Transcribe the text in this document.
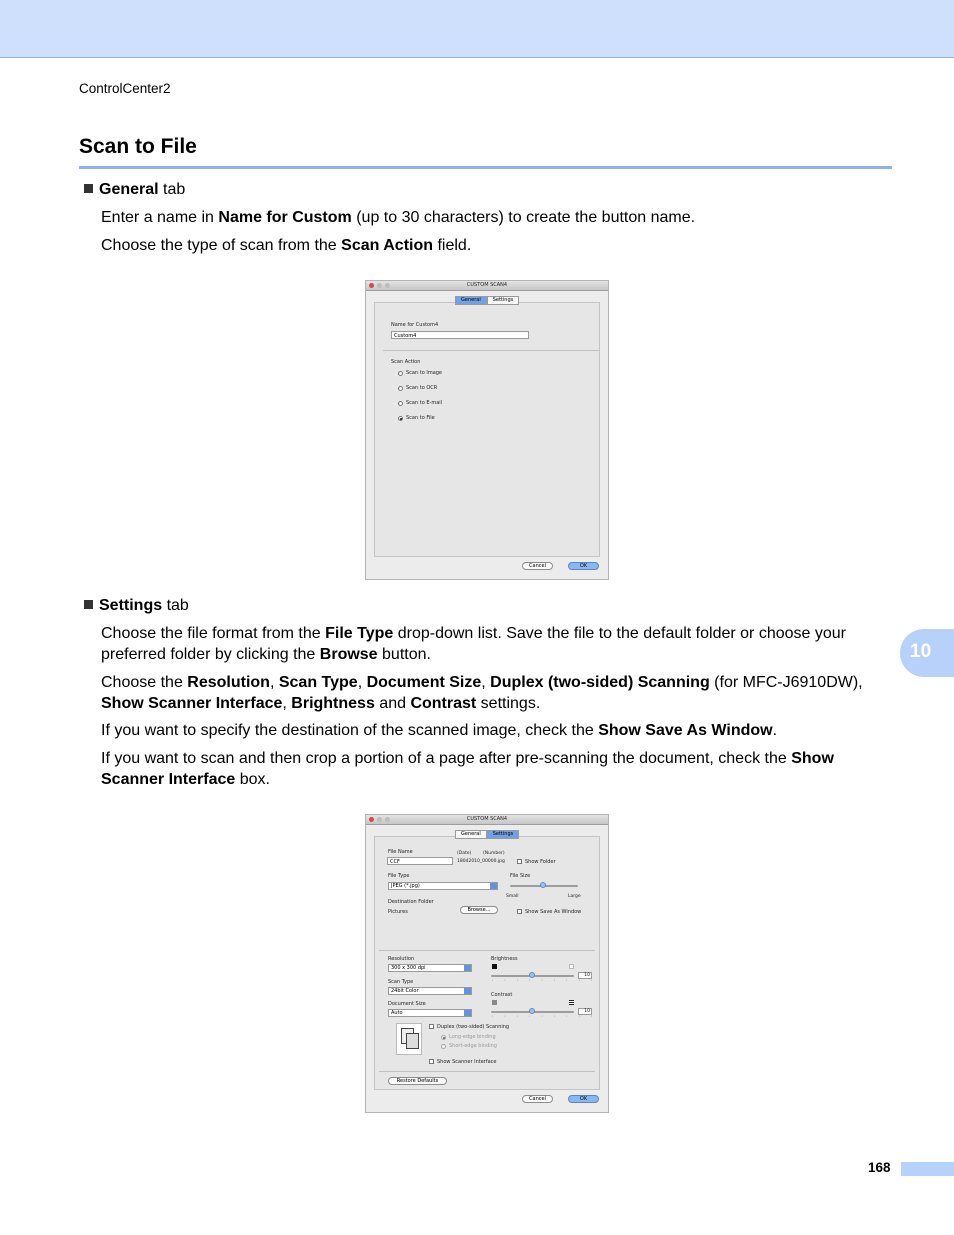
ControlCenter2
Scan to File
General tab
Enter a name in Name for Custom (up to 30 characters) to create the button name.
Choose the type of scan from the Scan Action field.
CUSTOM SCAN4
Name for Custom4
Custom4
Scan Action
Scan to Image
Scan to OCR
Scan to E-mail
Scan to File
General	Settings
Cancel	OK
Settings tab
Choose the file format from the File Type drop-down list. Save the file to the default folder or choose your preferred folder by clicking the Browse button.
Choose the Resolution, Scan Type, Document Size, Duplex (two-sided) Scanning (for MFC-J6910DW), Show Scanner Interface, Brightness and Contrast settings.
If you want to specify the destination of the scanned image, check the Show Save As Window.
If you want to scan and then crop a portion of a page after pre-scanning the document, check the Show Scanner Interface box.
CUSTOM SCAN4
File Name	(Date)	(Number)
CCF	18042010_00000.jpg	Show Folder
File Type
JPEG (*.jpg)
File Size
Small	Large
Destination Folder
Pictures	Browse...	Show Save As Window
Resolution
300 x 300 dpi
Scan Type
24bit Color
Document Size
Auto
Brightness
10
' ' ' ' ' ' ' ' '
Contrast
10
' ' ' ' ' ' ' ' '
Duplex (two-sided) Scanning
Long-edge binding
Short-edge binding
Show Scanner Interface
Restore Defaults
General	Settings
Cancel	OK
10
168
